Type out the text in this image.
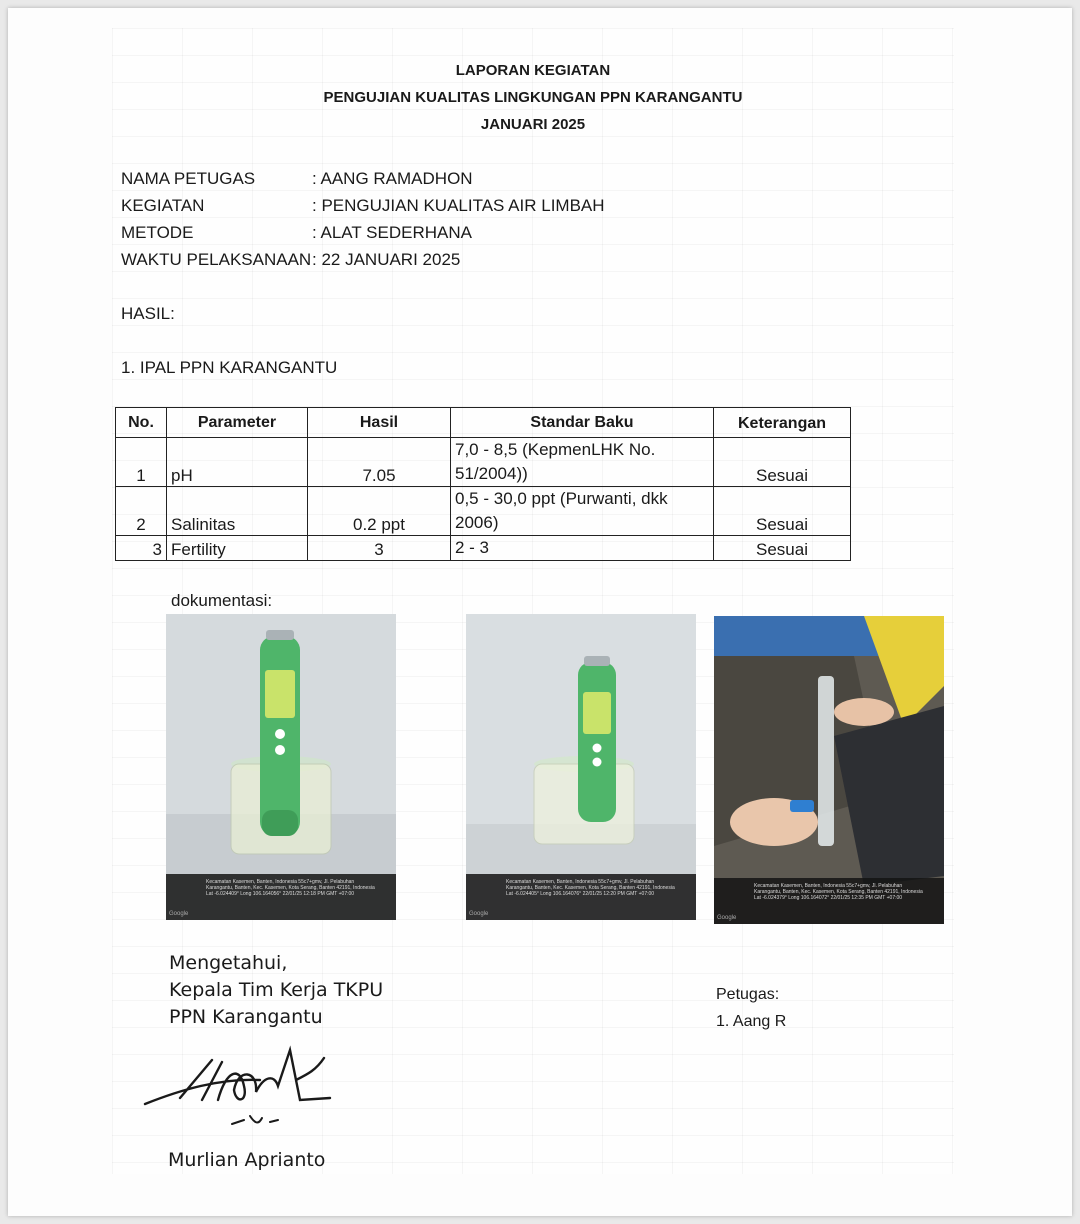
LAPORAN KEGIATAN
PENGUJIAN KUALITAS LINGKUNGAN PPN KARANGANTU
JANUARI 2025
NAMA PETUGAS	: AANG RAMADHON
KEGIATAN	: PENGUJIAN KUALITAS AIR LIMBAH
METODE	: ALAT SEDERHANA
WAKTU PELAKSANAAN : 22 JANUARI 2025
HASIL:
1. IPAL PPN KARANGANTU
No.	Parameter	Hasil	Standar Baku	Keterangan
1	pH	7.05	7,0 - 8,5 (KepmenLHK No. 51/2004))	Sesuai
2	Salinitas	0.2 ppt	0,5 - 30,0 ppt (Purwanti, dkk 2006)	Sesuai
3	Fertility	3	2 - 3	Sesuai
dokumentasi:
Kecamatan Kasemen, Banten, Indonesia 55c7+gmv, Jl. Pelabuhan Karangantu, Banten, Kec. Kasemen, Kota Serang, Banten 42191, Indonesia Lat -6.024409° Long 106.164056° 22/01/25 12:18 PM GMT +07:00
Google
Kecamatan Kasemen, Banten, Indonesia 55c7+gmv, Jl. Pelabuhan Karangantu, Banten, Kec. Kasemen, Kota Serang, Banten 42191, Indonesia Lat -6.024405° Long 106.164076° 22/01/25 12:20 PM GMT +07:00
Google
Kecamatan Kasemen, Banten, Indonesia 55c7+gmv, Jl. Pelabuhan Karangantu, Banten, Kec. Kasemen, Kota Serang, Banten 42191, Indonesia Lat -6.024379° Long 106.164072° 22/01/25 12:35 PM GMT +07:00
Google
Mengetahui,
Kepala Tim Kerja TKPU
PPN Karangantu
Murlian Aprianto
Petugas:
1. Aang R
